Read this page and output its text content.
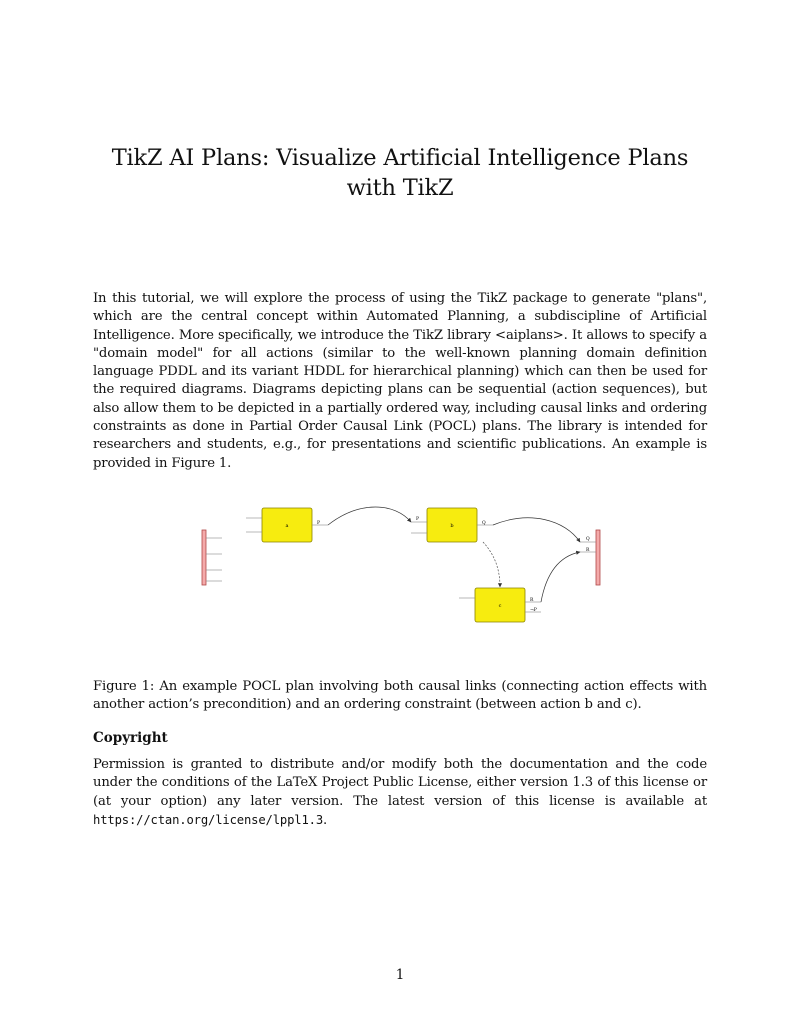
TikZ AI Plans: Visualize Artificial Intelligence Plans with TikZ

In this tutorial, we will explore the process of using the TikZ package to generate "plans", which are the central concept within Automated Planning, a subdiscipline of Artificial Intelligence. More specifically, we introduce the TikZ library <aiplans>. It allows to specify a "domain model" for all actions (similar to the well-known planning domain definition language PDDL and its variant HDDL for hierarchical planning) which can then be used for the required diagrams. Diagrams depicting plans can be sequential (action sequences), but also allow them to be depicted in a partially ordered way, including causal links and ordering constraints as done in Partial Order Causal Link (POCL) plans. The library is intended for researchers and students, e.g., for presentations and scientific publications. An example is provided in Figure 1.

a	P	b
P
Q
c
R
¬P
Q
R

Figure 1: An example POCL plan involving both causal links (connecting action effects with another action’s precondition) and an ordering constraint (between action b and c).

Copyright

Permission is granted to distribute and/or modify both the documentation and the code under the conditions of the LaTeX Project Public License, either version 1.3 of this license or (at your option) any later version. The latest version of this license is available at https://ctan.org/license/lppl1.3.

1
